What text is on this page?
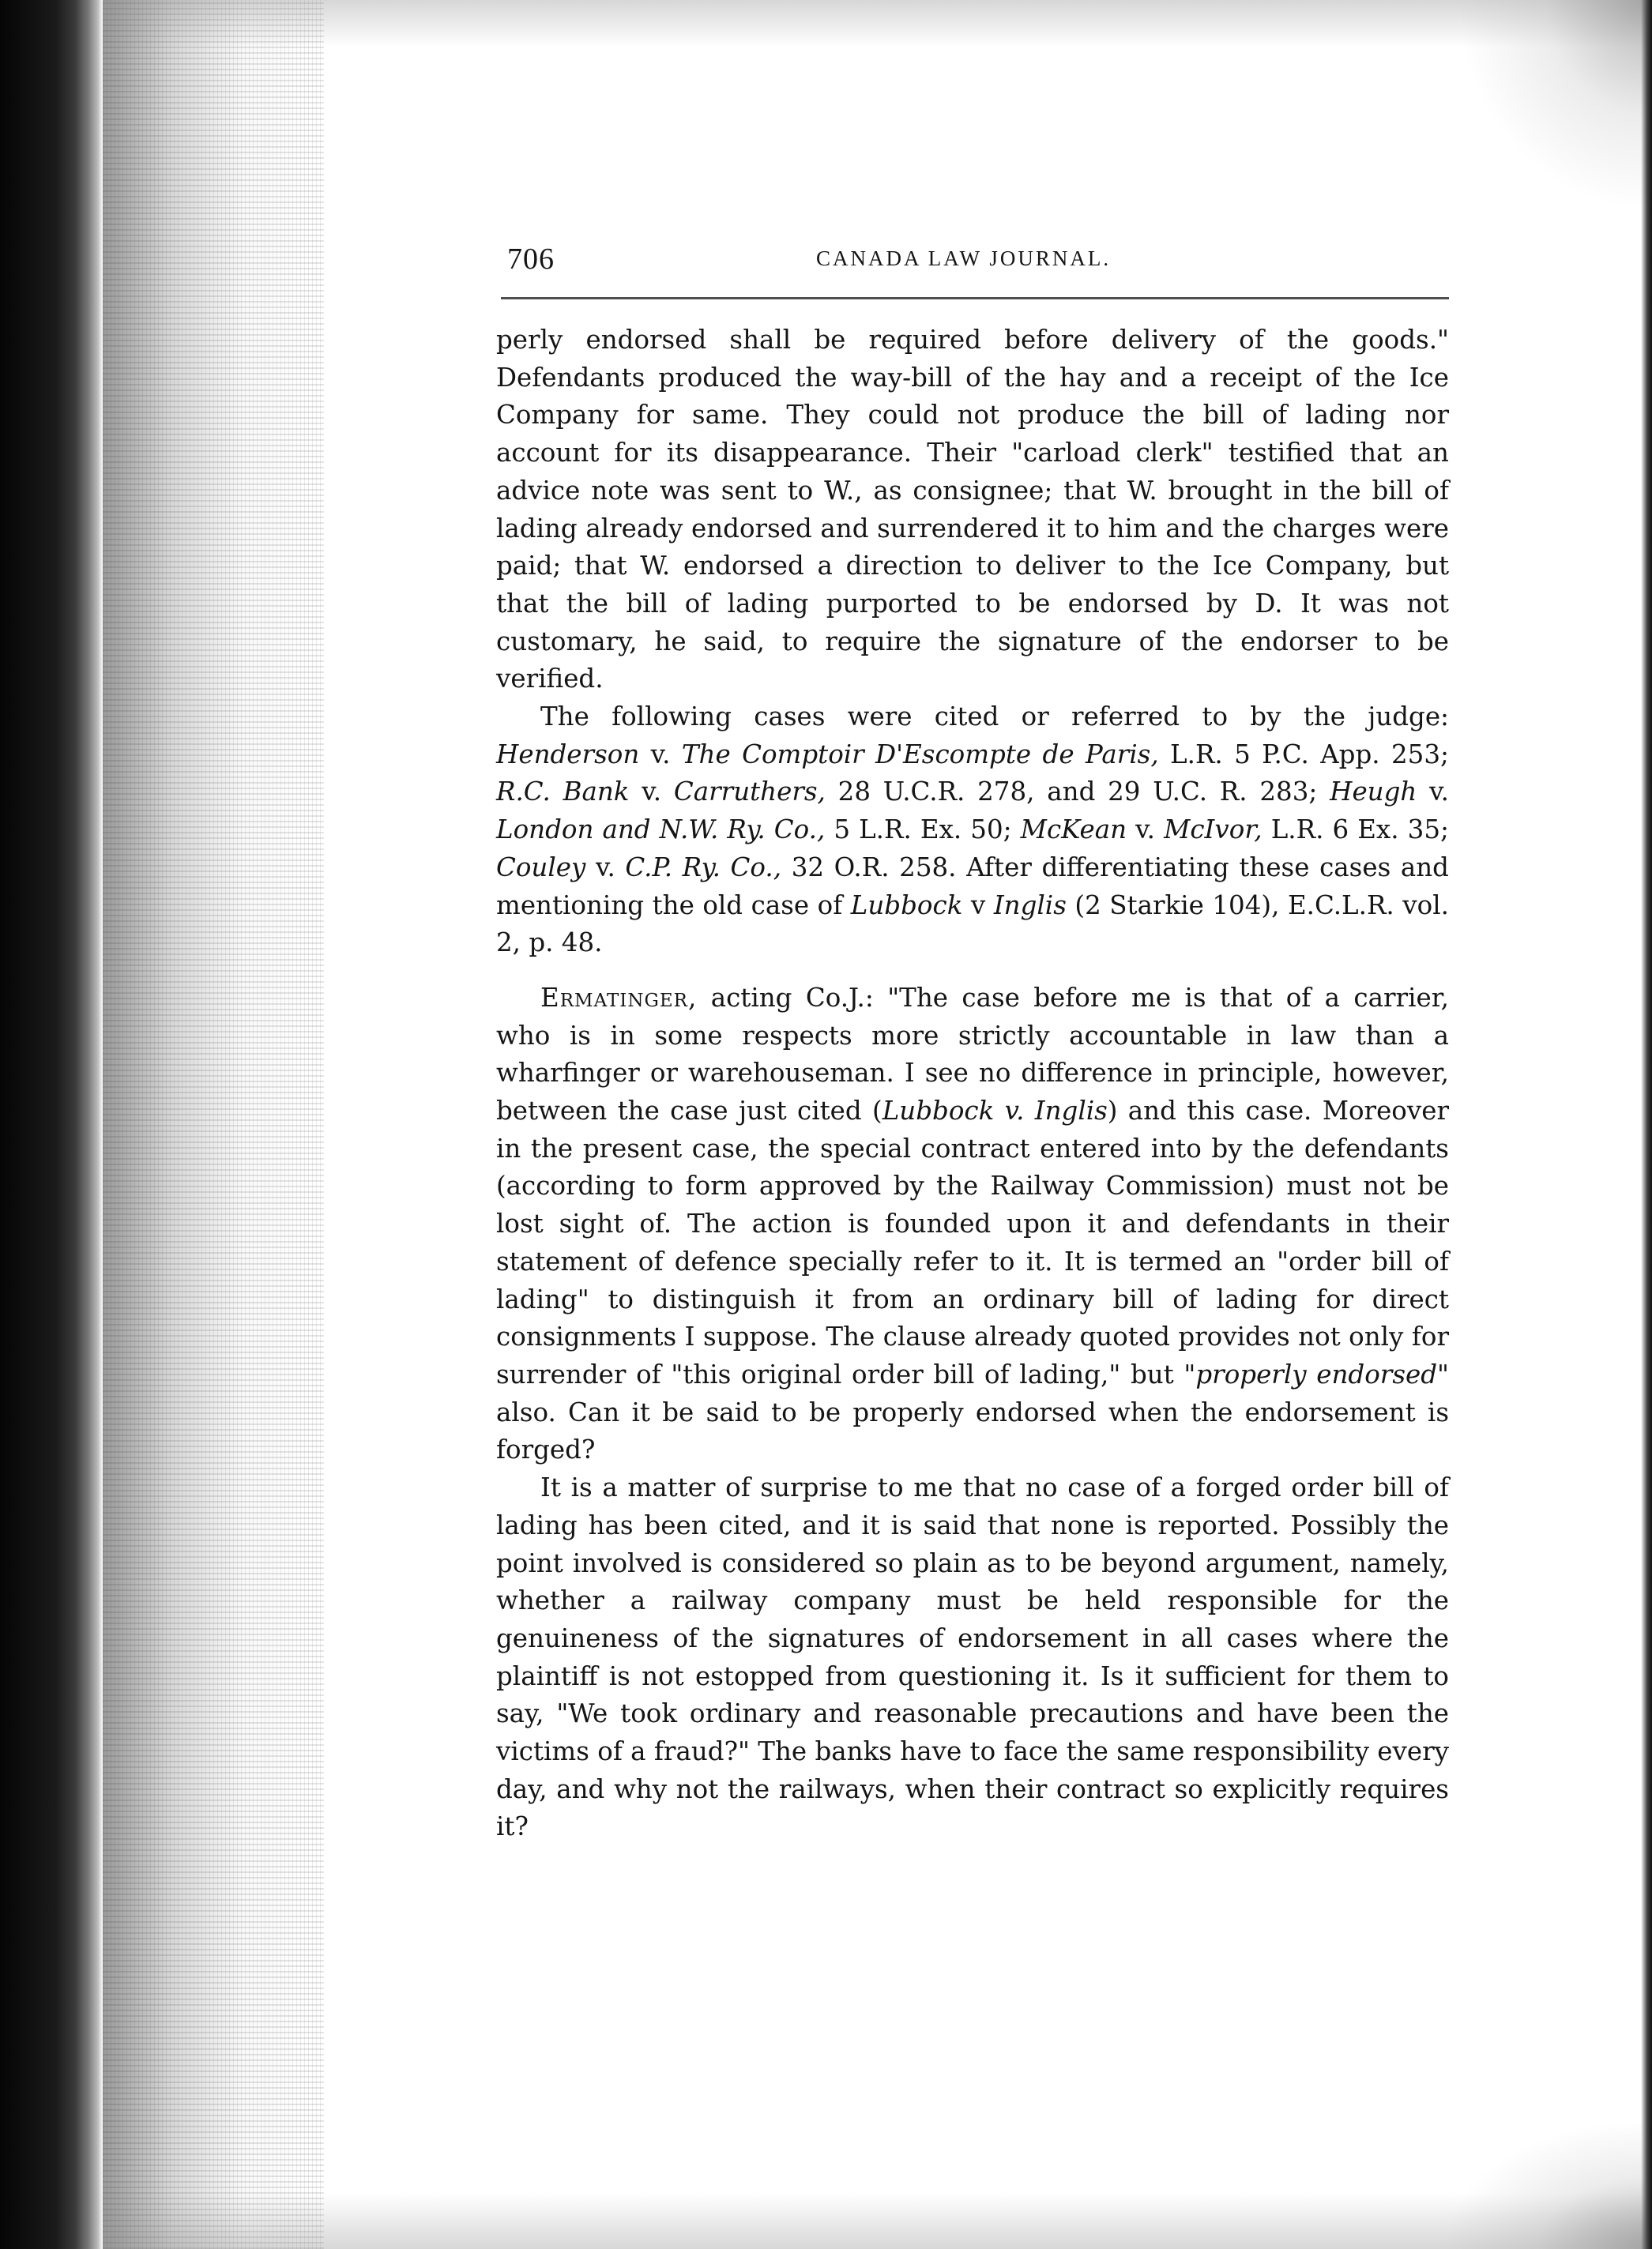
706	CANADA LAW JOURNAL.

perly endorsed shall be required before delivery of the goods." Defendants produced the way-bill of the hay and a receipt of the Ice Company for same. They could not produce the bill of lading nor account for its disappearance. Their "carload clerk" testified that an advice note was sent to W., as consignee; that W. brought in the bill of lading already endorsed and surrendered it to him and the charges were paid; that W. endorsed a direction to deliver to the Ice Company, but that the bill of lading purported to be endorsed by D. It was not customary, he said, to require the signature of the endorser to be verified.

The following cases were cited or referred to by the judge: Henderson v. The Comptoir D'Escompte de Paris, L.R. 5 P.C. App. 253; R.C. Bank v. Carruthers, 28 U.C.R. 278, and 29 U.C. R. 283; Heugh v. London and N.W. Ry. Co., 5 L.R. Ex. 50; McKean v. McIvor, L.R. 6 Ex. 35; Couley v. C.P. Ry. Co., 32 O.R. 258. After differentiating these cases and mentioning the old case of Lubbock v Inglis (2 Starkie 104), E.C.L.R. vol. 2, p. 48.

Ermatinger, acting Co.J.: "The case before me is that of a carrier, who is in some respects more strictly accountable in law than a wharfinger or warehouseman. I see no difference in principle, however, between the case just cited (Lubbock v. Inglis) and this case. Moreover in the present case, the special contract entered into by the defendants (according to form approved by the Railway Commission) must not be lost sight of. The action is founded upon it and defendants in their statement of defence specially refer to it. It is termed an "order bill of lading" to distinguish it from an ordinary bill of lading for direct consignments I suppose. The clause already quoted provides not only for surrender of "this original order bill of lading," but "properly endorsed" also. Can it be said to be properly endorsed when the endorsement is forged?

It is a matter of surprise to me that no case of a forged order bill of lading has been cited, and it is said that none is reported. Possibly the point involved is considered so plain as to be beyond argument, namely, whether a railway company must be held responsible for the genuineness of the signatures of endorsement in all cases where the plaintiff is not estopped from questioning it. Is it sufficient for them to say, "We took ordinary and reasonable precautions and have been the victims of a fraud?" The banks have to face the same responsibility every day, and why not the railways, when their contract so explicitly requires it?
